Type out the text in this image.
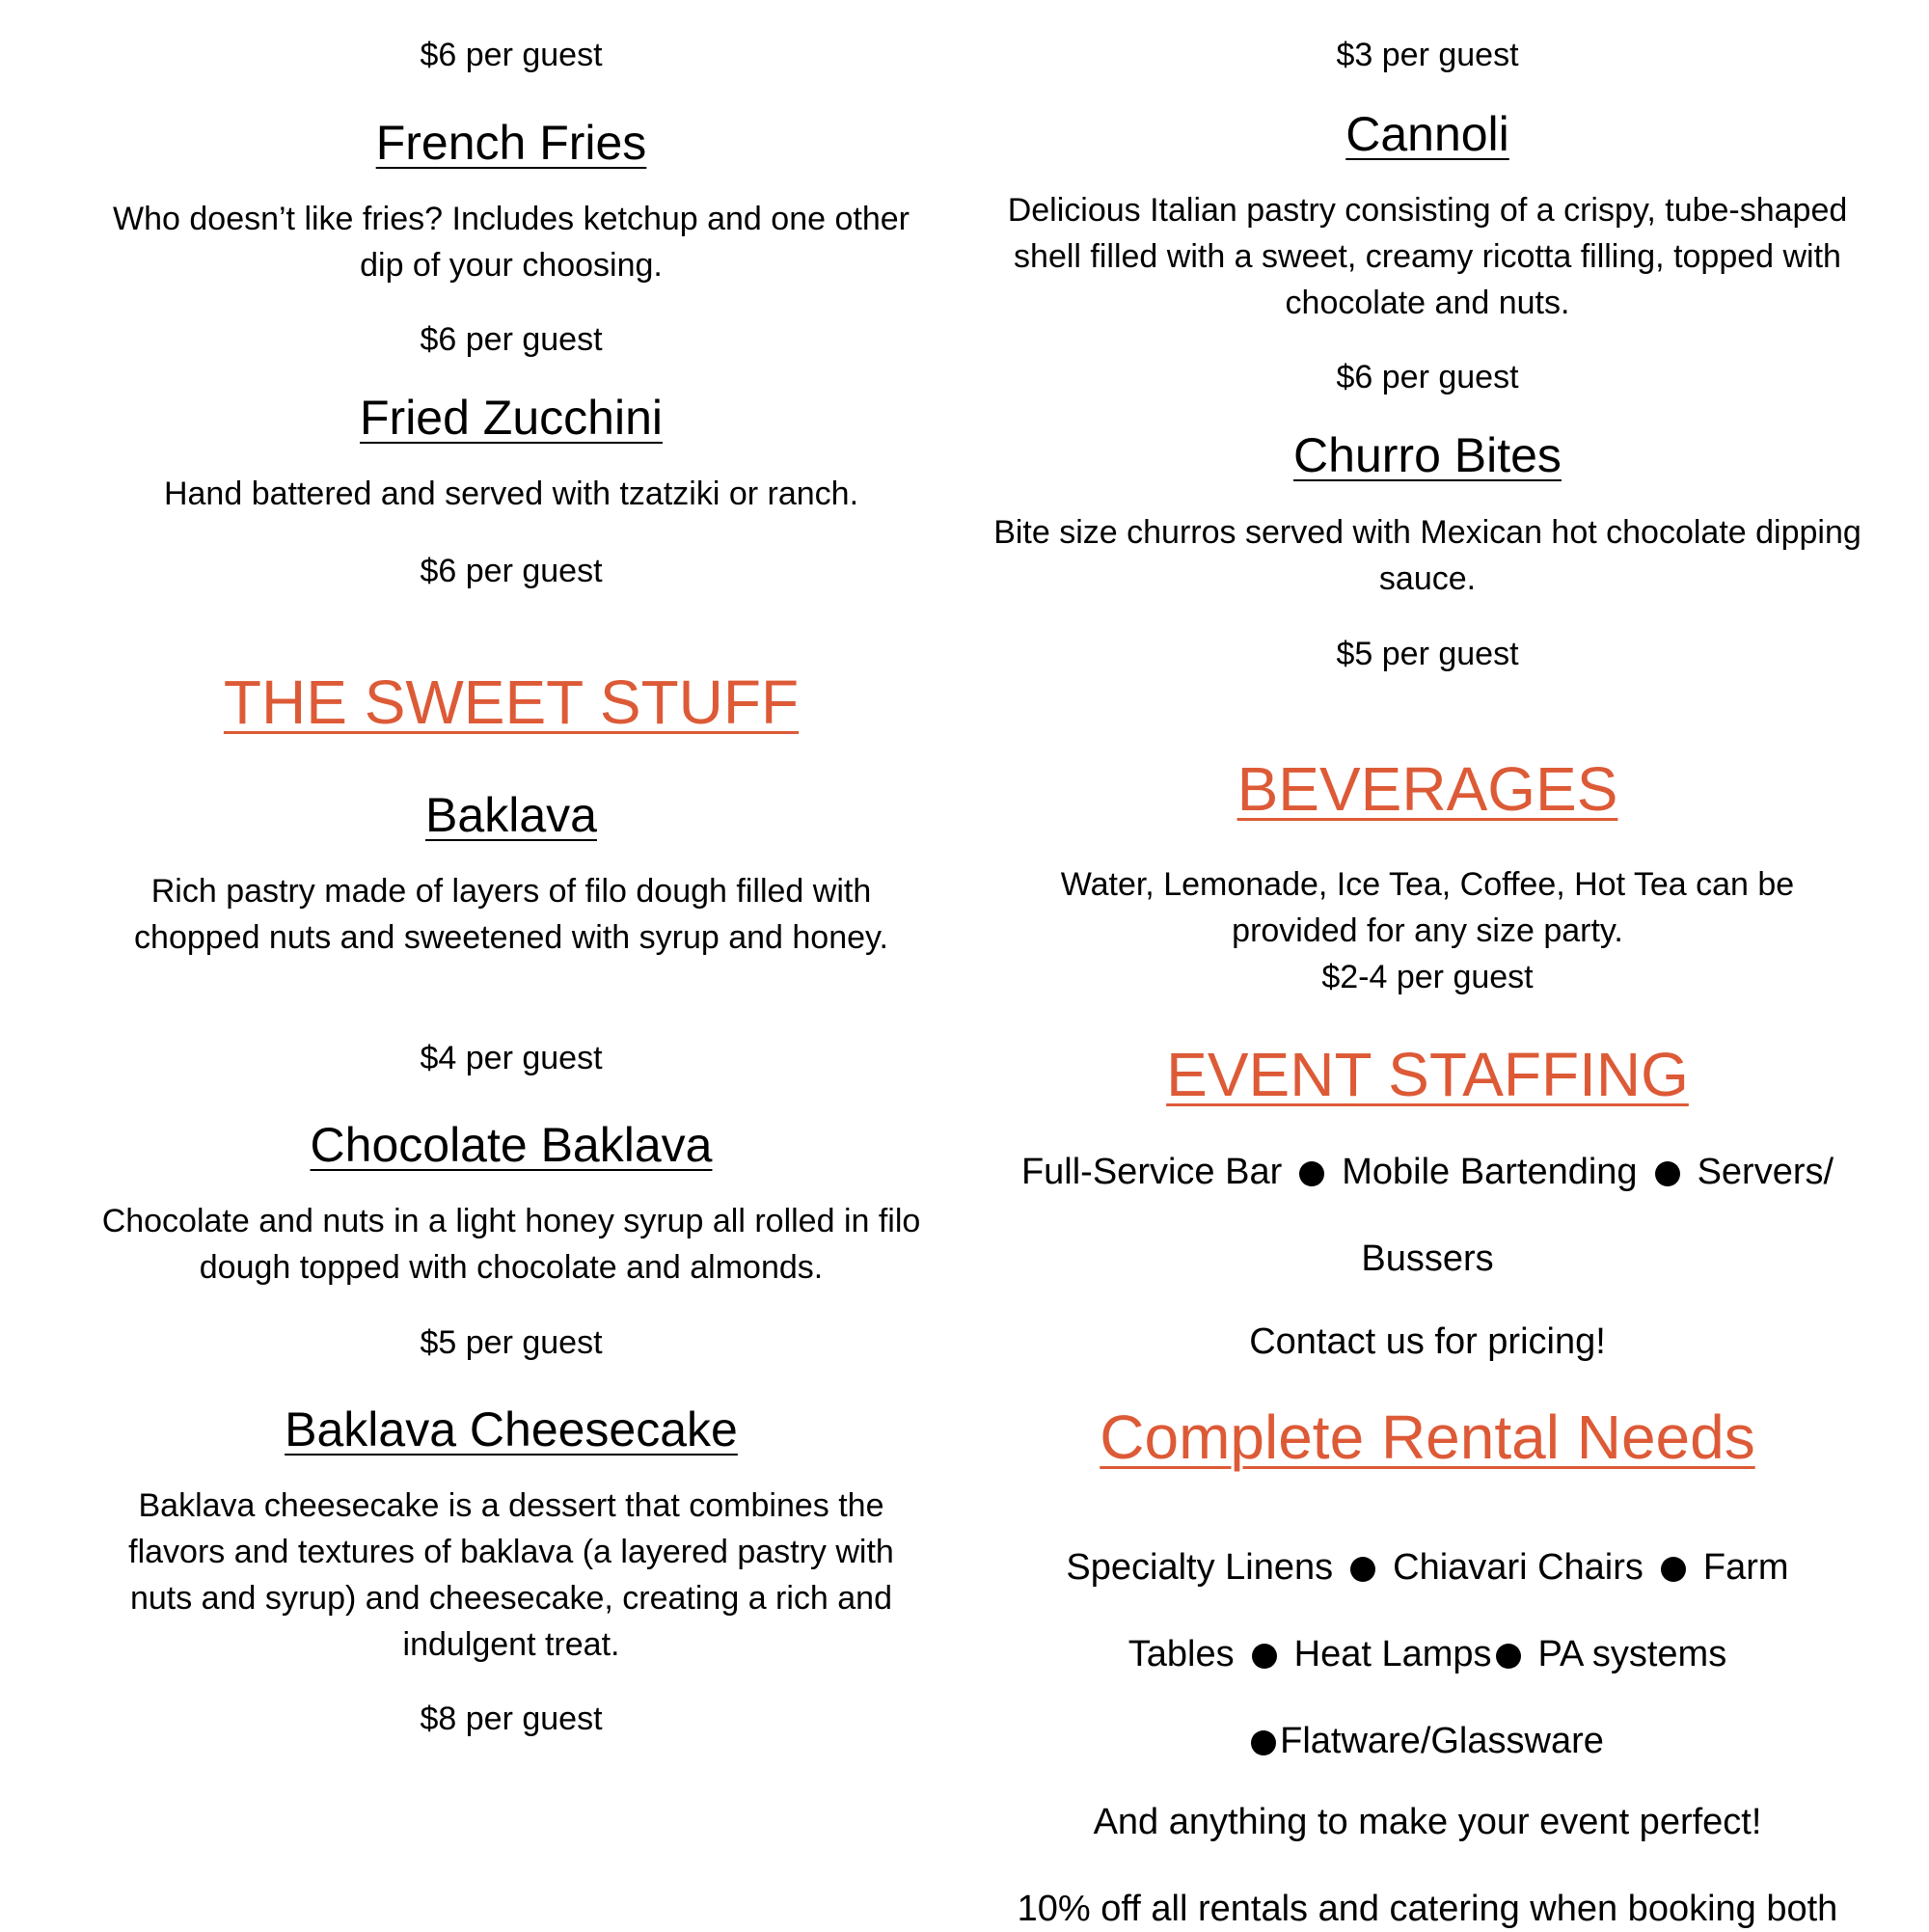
$6 per guest

French Fries

Who doesn’t like fries? Includes ketchup and one other dip of your choosing.

$6 per guest

Fried Zucchini

Hand battered and served with tzatziki or ranch.

$6 per guest

THE SWEET STUFF
Baklava

Rich pastry made of layers of filo dough filled with chopped nuts and sweetened with syrup and honey.

$4 per guest

Chocolate Baklava

Chocolate and nuts in a light honey syrup all rolled in filo dough topped with chocolate and almonds.

$5 per guest

Baklava Cheesecake

Baklava cheesecake is a dessert that combines the flavors and textures of baklava (a layered pastry with nuts and syrup) and cheesecake, creating a rich and indulgent treat.

$8 per guest

$3 per guest

Cannoli

Delicious Italian pastry consisting of a crispy, tube-shaped shell filled with a sweet, creamy ricotta filling, topped with chocolate and nuts.

$6 per guest

Churro Bites

Bite size churros served with Mexican hot chocolate dipping sauce.

$5 per guest

BEVERAGES

Water, Lemonade, Ice Tea, Coffee, Hot Tea can be provided for any size party.

$2-4 per guest

EVENT STAFFING
Full-Service Bar Mobile Bartending Servers/ Bussers

Contact us for pricing!

Complete Rental Needs
Specialty Linens Chiavari Chairs Farm Tables Heat Lamps PA systems
Flatware/Glassware

And anything to make your event perfect!

10% off all rentals and catering when booking both
